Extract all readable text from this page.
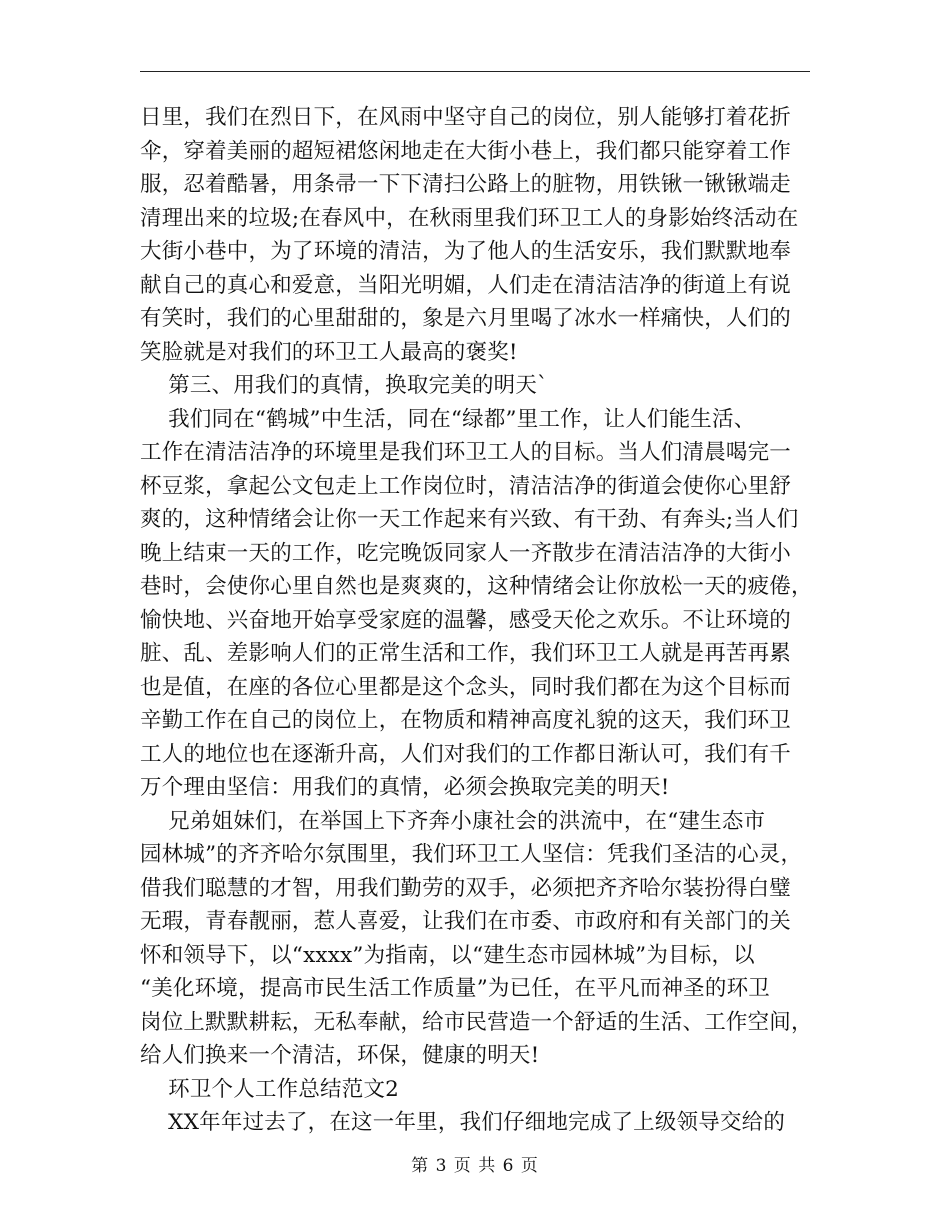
日里，我们在烈日下，在风雨中坚守自己的岗位，别人能够打着花折
伞，穿着美丽的超短裙悠闲地走在大街小巷上，我们都只能穿着工作
服，忍着酷暑，用条帚一下下清扫公路上的脏物，用铁锹一锹锹端走
清理出来的垃圾;在春风中，在秋雨里我们环卫工人的身影始终活动在
大街小巷中，为了环境的清洁，为了他人的生活安乐，我们默默地奉
献自己的真心和爱意，当阳光明媚，人们走在清洁洁净的街道上有说
有笑时，我们的心里甜甜的，象是六月里喝了冰水一样痛快，人们的
笑脸就是对我们的环卫工人最高的褒奖!
第三、用我们的真情，换取完美的明天`
我们同在“鹤城”中生活，同在“绿都”里工作，让人们能生活、
工作在清洁洁净的环境里是我们环卫工人的目标。当人们清晨喝完一
杯豆浆，拿起公文包走上工作岗位时，清洁洁净的街道会使你心里舒
爽的，这种情绪会让你一天工作起来有兴致、有干劲、有奔头;当人们
晚上结束一天的工作，吃完晚饭同家人一齐散步在清洁洁净的大街小
巷时，会使你心里自然也是爽爽的，这种情绪会让你放松一天的疲倦，
愉快地、兴奋地开始享受家庭的温馨，感受天伦之欢乐。不让环境的
脏、乱、差影响人们的正常生活和工作，我们环卫工人就是再苦再累
也是值，在座的各位心里都是这个念头，同时我们都在为这个目标而
辛勤工作在自己的岗位上，在物质和精神高度礼貌的这天，我们环卫
工人的地位也在逐渐升高，人们对我们的工作都日渐认可，我们有千
万个理由坚信：用我们的真情，必须会换取完美的明天!
兄弟姐妹们，在举国上下齐奔小康社会的洪流中，在“建生态市
园林城”的齐齐哈尔氛围里，我们环卫工人坚信：凭我们圣洁的心灵，
借我们聪慧的才智，用我们勤劳的双手，必须把齐齐哈尔装扮得白璧
无瑕，青春靓丽，惹人喜爱，让我们在市委、市政府和有关部门的关
怀和领导下，以“xxxx”为指南，以“建生态市园林城”为目标，以
“美化环境，提高市民生活工作质量”为已任，在平凡而神圣的环卫
岗位上默默耕耘，无私奉献，给市民营造一个舒适的生活、工作空间，
给人们换来一个清洁，环保，健康的明天!
环卫个人工作总结范文2
XX年年过去了，在这一年里，我们仔细地完成了上级领导交给的
第 3 页 共 6 页
